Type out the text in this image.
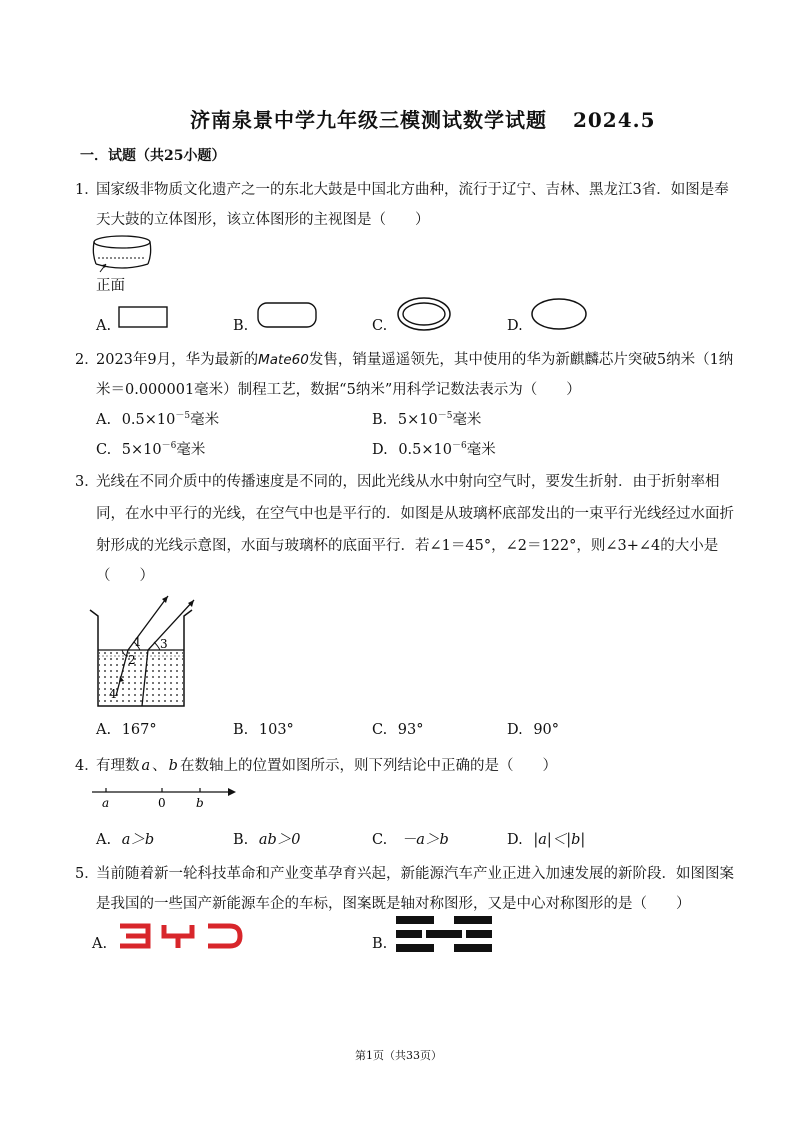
济南泉景中学九年级三模测试数学试题 2024.5
一．试题（共25小题）
1．
国家级非物质文化遗产之一的东北大鼓是中国北方曲种，流行于辽宁、吉林、黑龙江3省．如图是奉
天大鼓的立体图形，该立体图形的主视图是（　　）
正面
A.	B.	C.	D.
2．
2023年9月，华为最新的Mate60发售，销量遥遥领先，其中使用的华为新麒麟芯片突破5纳米（1纳
米＝0.000001毫米）制程工艺，数据“5纳米”用科学记数法表示为（　　）
A. $0.5\times 10^{-5}$毫米	B. $5\times 10^{-5}$毫米
C. $5\times 10^{-6}$毫米	D. $0.5\times 10^{-6}$毫米
3．
光线在不同介质中的传播速度是不同的，因此光线从水中射向空气时，要发生折射．由于折射率相
同，在水中平行的光线，在空气中也是平行的．如图是从玻璃杯底部发出的一束平行光线经过水面折
射形成的光线示意图，水面与玻璃杯的底面平行．若∠1＝45°，∠2＝122°，则∠3+∠4的大小是
（　　）
1
2
3
4
A. 167°	B. 103°	C. 93°	D. 90°
4．
有理数 a 、 b 在数轴上的位置如图所示，则下列结论中正确的是（　　）
a	0	b
A. a＞b	B. ab＞0	C. －a＞b	D. |a|＜|b|
5．
当前随着新一轮科技革命和产业变革孕育兴起，新能源汽车产业正进入加速发展的新阶段．如图图案
是我国的一些国产新能源车企的车标，图案既是轴对称图形，又是中心对称图形的是（　　）
A.	B.
第1页（共33页）
